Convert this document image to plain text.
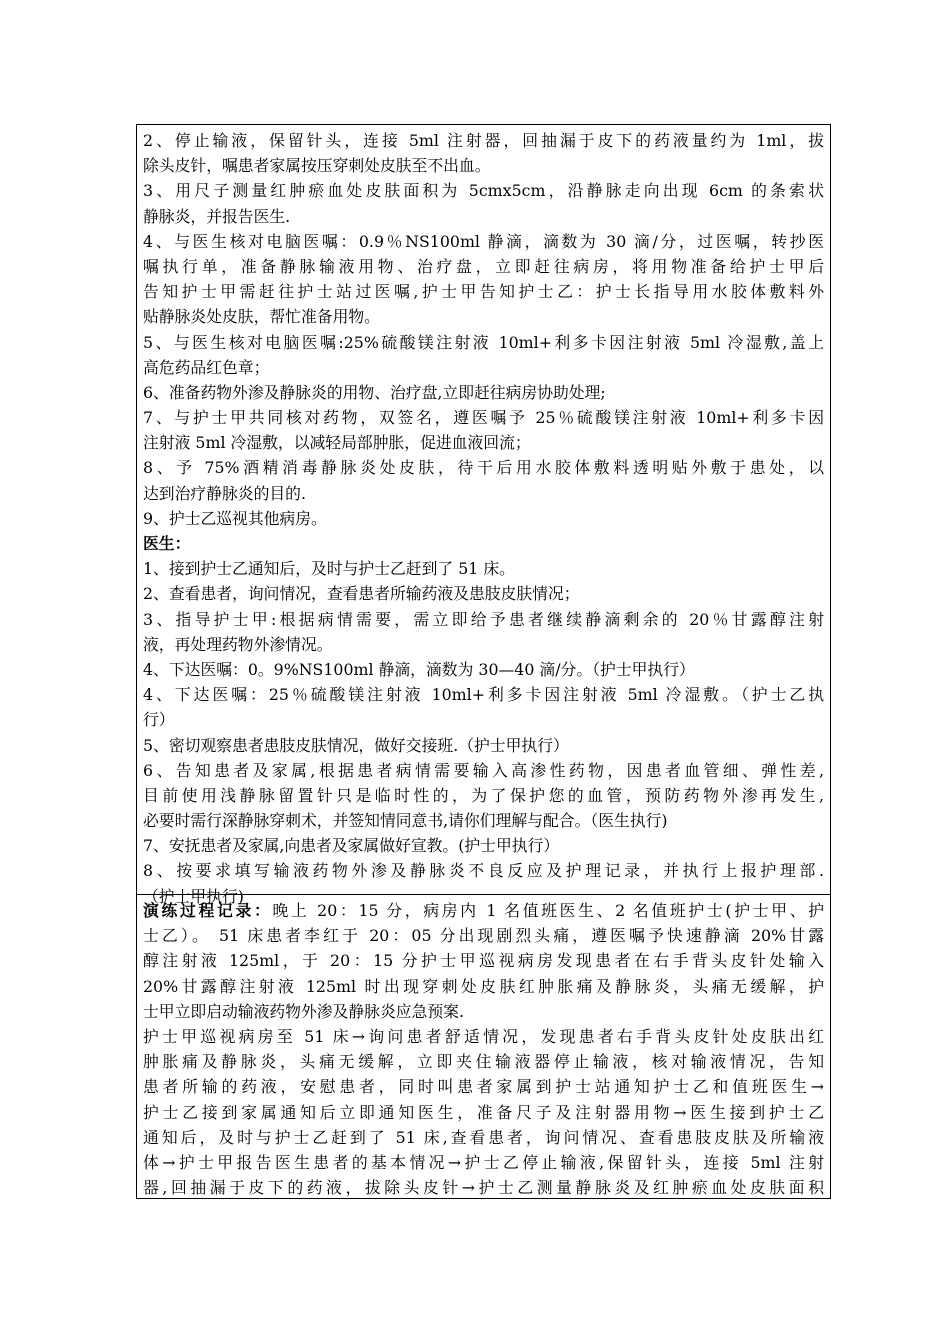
2、停止输液，保留针头，连接 5ml 注射器，回抽漏于皮下的药液量约为 1ml，拔
除头皮针，嘱患者家属按压穿刺处皮肤至不出血。
3、用尺子测量红肿瘀血处皮肤面积为 5cmx5cm，沿静脉走向出现 6cm 的条索状
静脉炎，并报告医生.
4、与医生核对电脑医嘱：0.9％NS100ml 静滴，滴数为 30 滴/分，过医嘱，转抄医
嘱执行单，准备静脉输液用物、治疗盘，立即赶往病房，将用物准备给护士甲后
告知护士甲需赶往护士站过医嘱,护士甲告知护士乙：护士长指导用水胶体敷料外
贴静脉炎处皮肤，帮忙准备用物。
5、与医生核对电脑医嘱:25%硫酸镁注射液 10ml+利多卡因注射液 5ml 冷湿敷,盖上
高危药品红色章；
6、准备药物外渗及静脉炎的用物、治疗盘,立即赶往病房协助处理;
7、与护士甲共同核对药物，双签名，遵医嘱予 25％硫酸镁注射液 10ml+利多卡因
注射液 5ml 冷湿敷，以减轻局部肿胀，促进血液回流；
8、予 75%酒精消毒静脉炎处皮肤，待干后用水胶体敷料透明贴外敷于患处，以
达到治疗静脉炎的目的.
9、护士乙巡视其他病房。
医生：
1、接到护士乙通知后，及时与护士乙赶到了 51 床。
2、查看患者，询问情况，查看患者所输药液及患肢皮肤情况；
3、指导护士甲:根据病情需要，需立即给予患者继续静滴剩余的 20％甘露醇注射
液，再处理药物外渗情况。
4、下达医嘱：0。9%NS100ml 静滴，滴数为 30—40 滴/分。（护士甲执行）
4、下达医嘱：25％硫酸镁注射液 10ml+利多卡因注射液 5ml 冷湿敷。（护士乙执
行）
5、密切观察患者患肢皮肤情况，做好交接班.（护士甲执行）
6、告知患者及家属,根据患者病情需要输入高渗性药物，因患者血管细、弹性差,
目前使用浅静脉留置针只是临时性的，为了保护您的血管，预防药物外渗再发生,
必要时需行深静脉穿刺术，并签知情同意书,请你们理解与配合。（医生执行)
7、安抚患者及家属,向患者及家属做好宣教。(护士甲执行）
8、按要求填写输液药物外渗及静脉炎不良反应及护理记录，并执行上报护理部.
（护士甲执行)
演练过程记录：晚上 20：15 分，病房内 1 名值班医生、2 名值班护士(护士甲、护
士乙）。 51 床患者李红于 20：05 分出现剧烈头痛，遵医嘱予快速静滴 20%甘露
醇注射液 125ml，于 20：15 分护士甲巡视病房发现患者在右手背头皮针处输入
20%甘露醇注射液 125ml 时出现穿刺处皮肤红肿胀痛及静脉炎，头痛无缓解，护
士甲立即启动输液药物外渗及静脉炎应急预案.
护士甲巡视病房至 51 床→询问患者舒适情况，发现患者右手背头皮针处皮肤出红
肿胀痛及静脉炎，头痛无缓解，立即夹住输液器停止输液，核对输液情况，告知
患者所输的药液，安慰患者，同时叫患者家属到护士站通知护士乙和值班医生→
护士乙接到家属通知后立即通知医生，准备尺子及注射器用物→医生接到护士乙
通知后，及时与护士乙赶到了 51 床,查看患者，询问情况、查看患肢皮肤及所输液
体→护士甲报告医生患者的基本情况→护士乙停止输液,保留针头，连接 5ml 注射
器,回抽漏于皮下的药液，拔除头皮针→护士乙测量静脉炎及红肿瘀血处皮肤面积
